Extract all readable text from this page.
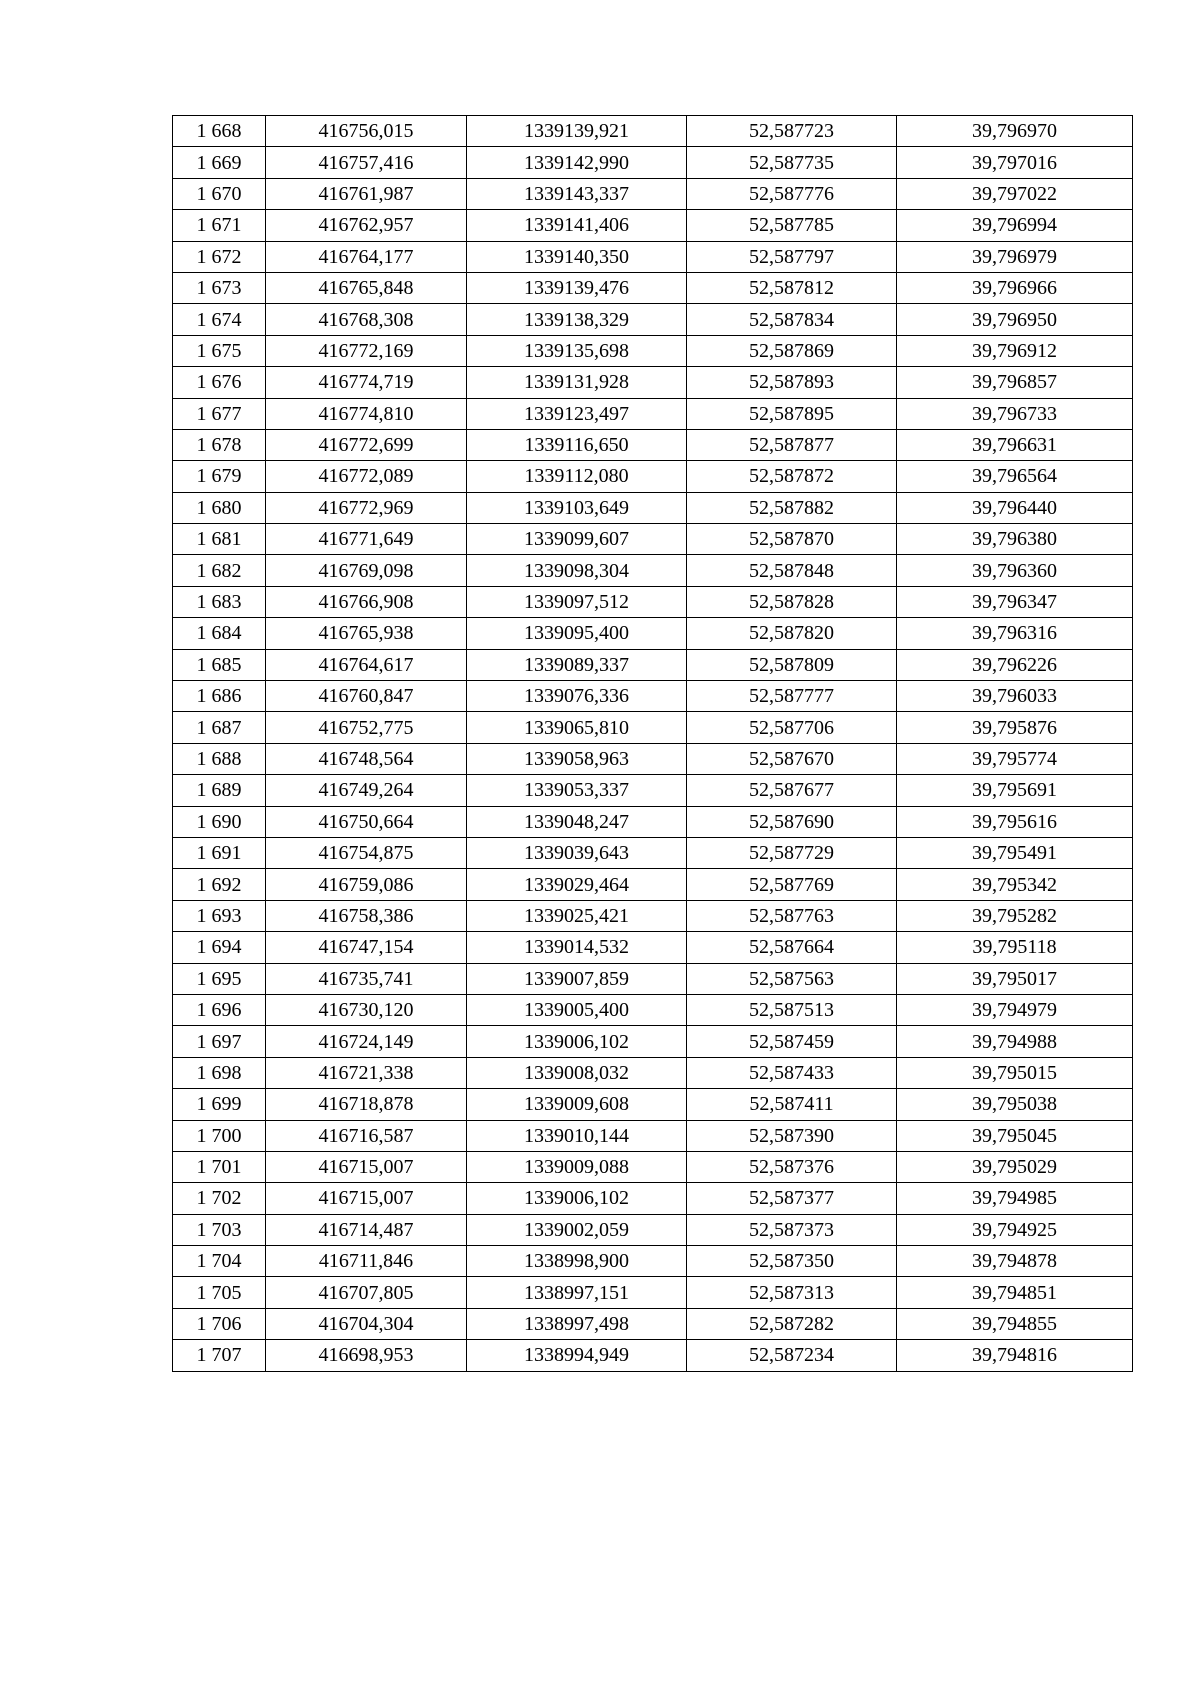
1 668	416756,015	1339139,921	52,587723	39,796970
1 669	416757,416	1339142,990	52,587735	39,797016
1 670	416761,987	1339143,337	52,587776	39,797022
1 671	416762,957	1339141,406	52,587785	39,796994
1 672	416764,177	1339140,350	52,587797	39,796979
1 673	416765,848	1339139,476	52,587812	39,796966
1 674	416768,308	1339138,329	52,587834	39,796950
1 675	416772,169	1339135,698	52,587869	39,796912
1 676	416774,719	1339131,928	52,587893	39,796857
1 677	416774,810	1339123,497	52,587895	39,796733
1 678	416772,699	1339116,650	52,587877	39,796631
1 679	416772,089	1339112,080	52,587872	39,796564
1 680	416772,969	1339103,649	52,587882	39,796440
1 681	416771,649	1339099,607	52,587870	39,796380
1 682	416769,098	1339098,304	52,587848	39,796360
1 683	416766,908	1339097,512	52,587828	39,796347
1 684	416765,938	1339095,400	52,587820	39,796316
1 685	416764,617	1339089,337	52,587809	39,796226
1 686	416760,847	1339076,336	52,587777	39,796033
1 687	416752,775	1339065,810	52,587706	39,795876
1 688	416748,564	1339058,963	52,587670	39,795774
1 689	416749,264	1339053,337	52,587677	39,795691
1 690	416750,664	1339048,247	52,587690	39,795616
1 691	416754,875	1339039,643	52,587729	39,795491
1 692	416759,086	1339029,464	52,587769	39,795342
1 693	416758,386	1339025,421	52,587763	39,795282
1 694	416747,154	1339014,532	52,587664	39,795118
1 695	416735,741	1339007,859	52,587563	39,795017
1 696	416730,120	1339005,400	52,587513	39,794979
1 697	416724,149	1339006,102	52,587459	39,794988
1 698	416721,338	1339008,032	52,587433	39,795015
1 699	416718,878	1339009,608	52,587411	39,795038
1 700	416716,587	1339010,144	52,587390	39,795045
1 701	416715,007	1339009,088	52,587376	39,795029
1 702	416715,007	1339006,102	52,587377	39,794985
1 703	416714,487	1339002,059	52,587373	39,794925
1 704	416711,846	1338998,900	52,587350	39,794878
1 705	416707,805	1338997,151	52,587313	39,794851
1 706	416704,304	1338997,498	52,587282	39,794855
1 707	416698,953	1338994,949	52,587234	39,794816
